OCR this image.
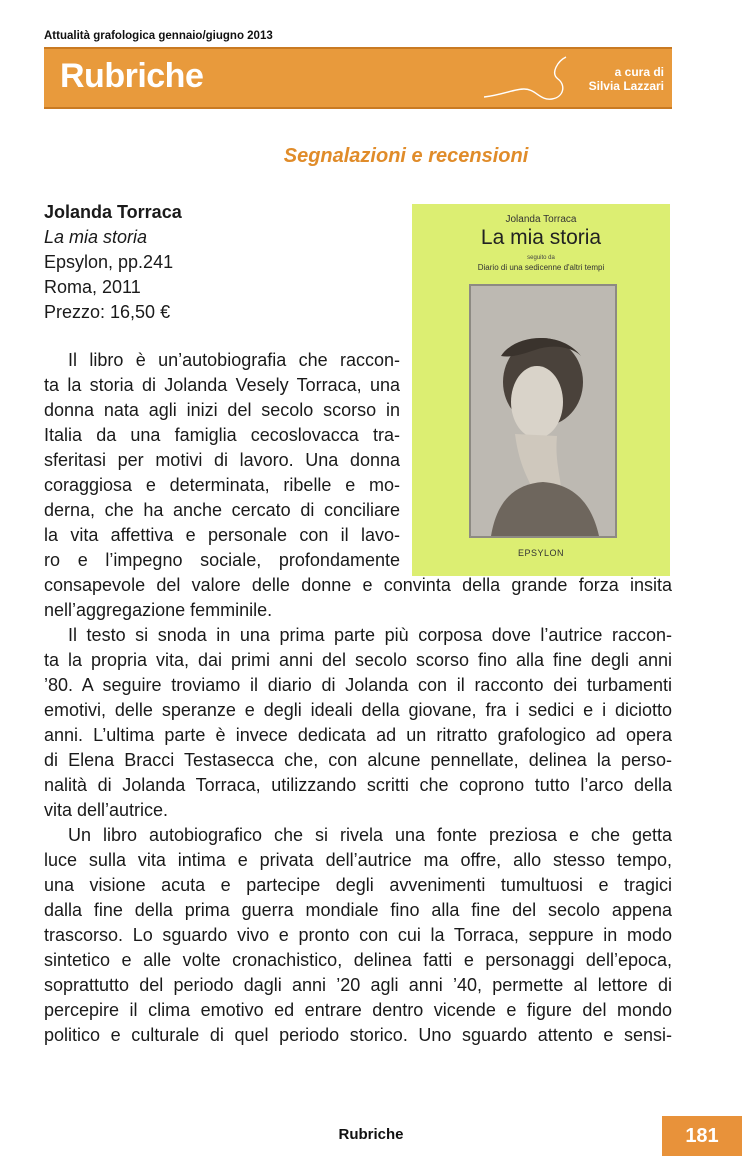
Attualità grafologica gennaio/giugno 2013
Rubriche	a cura di
Silvia Lazzari
Segnalazioni e recensioni
Jolanda Torraca
La mia storia
Epsylon, pp.241
Roma, 2011
Prezzo: 16,50 €
Jolanda Torraca
La mia storia
seguito da
Diario di una sedicenne d'altri tempi
EPSYLON
Il libro è un’autobiografia che raccon-
ta la storia di Jolanda Vesely Torraca, una
donna nata agli inizi del secolo scorso in
Italia da una famiglia cecoslovacca tra-
sferitasi per motivi di lavoro. Una donna
coraggiosa e determinata, ribelle e mo-
derna, che ha anche cercato di conciliare
la vita affettiva e personale con il lavo-
ro e l’impegno sociale, profondamente
consapevole del valore delle donne e convinta della grande forza insita
nell’aggregazione femminile.
Il testo si snoda in una prima parte più corposa dove l’autrice raccon-
ta la propria vita, dai primi anni del secolo scorso fino alla fine degli anni
’80. A seguire troviamo il diario di Jolanda con il racconto dei turbamenti
emotivi, delle speranze e degli ideali della giovane, fra i sedici e i diciotto
anni. L’ultima parte è invece dedicata ad un ritratto grafologico ad opera
di Elena Bracci Testasecca che, con alcune pennellate, delinea la perso-
nalità di Jolanda Torraca, utilizzando scritti che coprono tutto l’arco della
vita dell’autrice.
Un libro autobiografico che si rivela una fonte preziosa e che getta
luce sulla vita intima e privata dell’autrice ma offre, allo stesso tempo,
una visione acuta e partecipe degli avvenimenti tumultuosi e tragici
dalla fine della prima guerra mondiale fino alla fine del secolo appena
trascorso. Lo sguardo vivo e pronto con cui la Torraca, seppure in modo
sintetico e alle volte cronachistico, delinea fatti e personaggi dell’epoca,
soprattutto del periodo dagli anni ’20 agli anni ’40, permette al lettore di
percepire il clima emotivo ed entrare dentro vicende e figure del mondo
politico e culturale di quel periodo storico. Uno sguardo attento e sensi-
Rubriche	181
